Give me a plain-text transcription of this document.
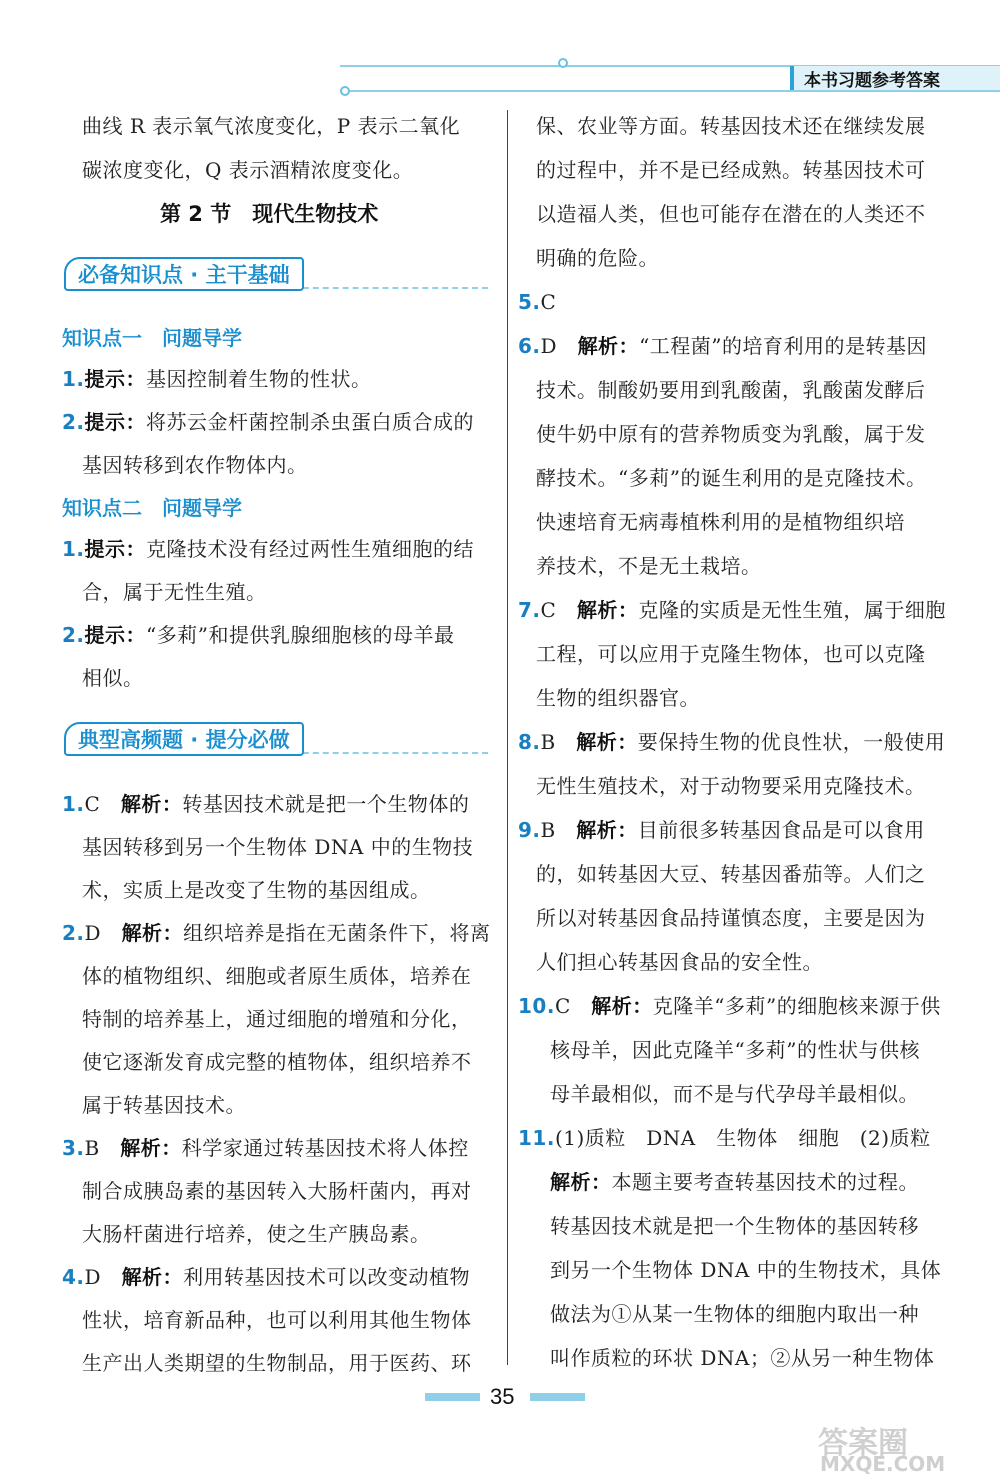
本书习题参考答案
曲线 R 表示氧气浓度变化，P 表示二氧化
碳浓度变化，Q 表示酒精浓度变化。
第 2 节　现代生物技术
必备知识点 · 主干基础
知识点一　问题导学
1.提示：基因控制着生物的性状。
2.提示：将苏云金杆菌控制杀虫蛋白质合成的
基因转移到农作物体内。
知识点二　问题导学
1.提示：克隆技术没有经过两性生殖细胞的结
合，属于无性生殖。
2.提示：“多莉”和提供乳腺细胞核的母羊最
相似。
典型高频题 · 提分必做
1.C　 解析：转基因技术就是把一个生物体的
基因转移到另一个生物体 DNA 中的生物技
术，实质上是改变了生物的基因组成。
2.D　 解析：组织培养是指在无菌条件下，将离
体的植物组织、细胞或者原生质体，培养在
特制的培养基上，通过细胞的增殖和分化，
使它逐渐发育成完整的植物体，组织培养不
属于转基因技术。
3.B　 解析：科学家通过转基因技术将人体控
制合成胰岛素的基因转入大肠杆菌内，再对
大肠杆菌进行培养，使之生产胰岛素。
4.D　 解析：利用转基因技术可以改变动植物
性状，培育新品种，也可以利用其他生物体
生产出人类期望的生物制品，用于医药、环
保、农业等方面。转基因技术还在继续发展
的过程中，并不是已经成熟。转基因技术可
以造福人类，但也可能存在潜在的人类还不
明确的危险。
5.C
6.D　 解析：“工程菌”的培育利用的是转基因
技术。制酸奶要用到乳酸菌，乳酸菌发酵后
使牛奶中原有的营养物质变为乳酸，属于发
酵技术。“多莉”的诞生利用的是克隆技术。
快速培育无病毒植株利用的是植物组织培
养技术，不是无土栽培。
7.C　 解析：克隆的实质是无性生殖，属于细胞
工程，可以应用于克隆生物体，也可以克隆
生物的组织器官。
8.B　 解析：要保持生物的优良性状，一般使用
无性生殖技术，对于动物要采用克隆技术。
9.B　 解析：目前很多转基因食品是可以食用
的，如转基因大豆、转基因番茄等。人们之
所以对转基因食品持谨慎态度，主要是因为
人们担心转基因食品的安全性。
10.C　 解析：克隆羊“多莉”的细胞核来源于供
核母羊，因此克隆羊“多莉”的性状与供核
母羊最相似，而不是与代孕母羊最相似。
11.(1)质粒　DNA　生物体　细胞　(2)质粒
解析：本题主要考查转基因技术的过程。
转基因技术就是把一个生物体的基因转移
到另一个生物体 DNA 中的生物技术，具体
做法为①从某一生物体的细胞内取出一种
叫作质粒的环状 DNA；②从另一种生物体
35
答案圈
MXQE.COM
